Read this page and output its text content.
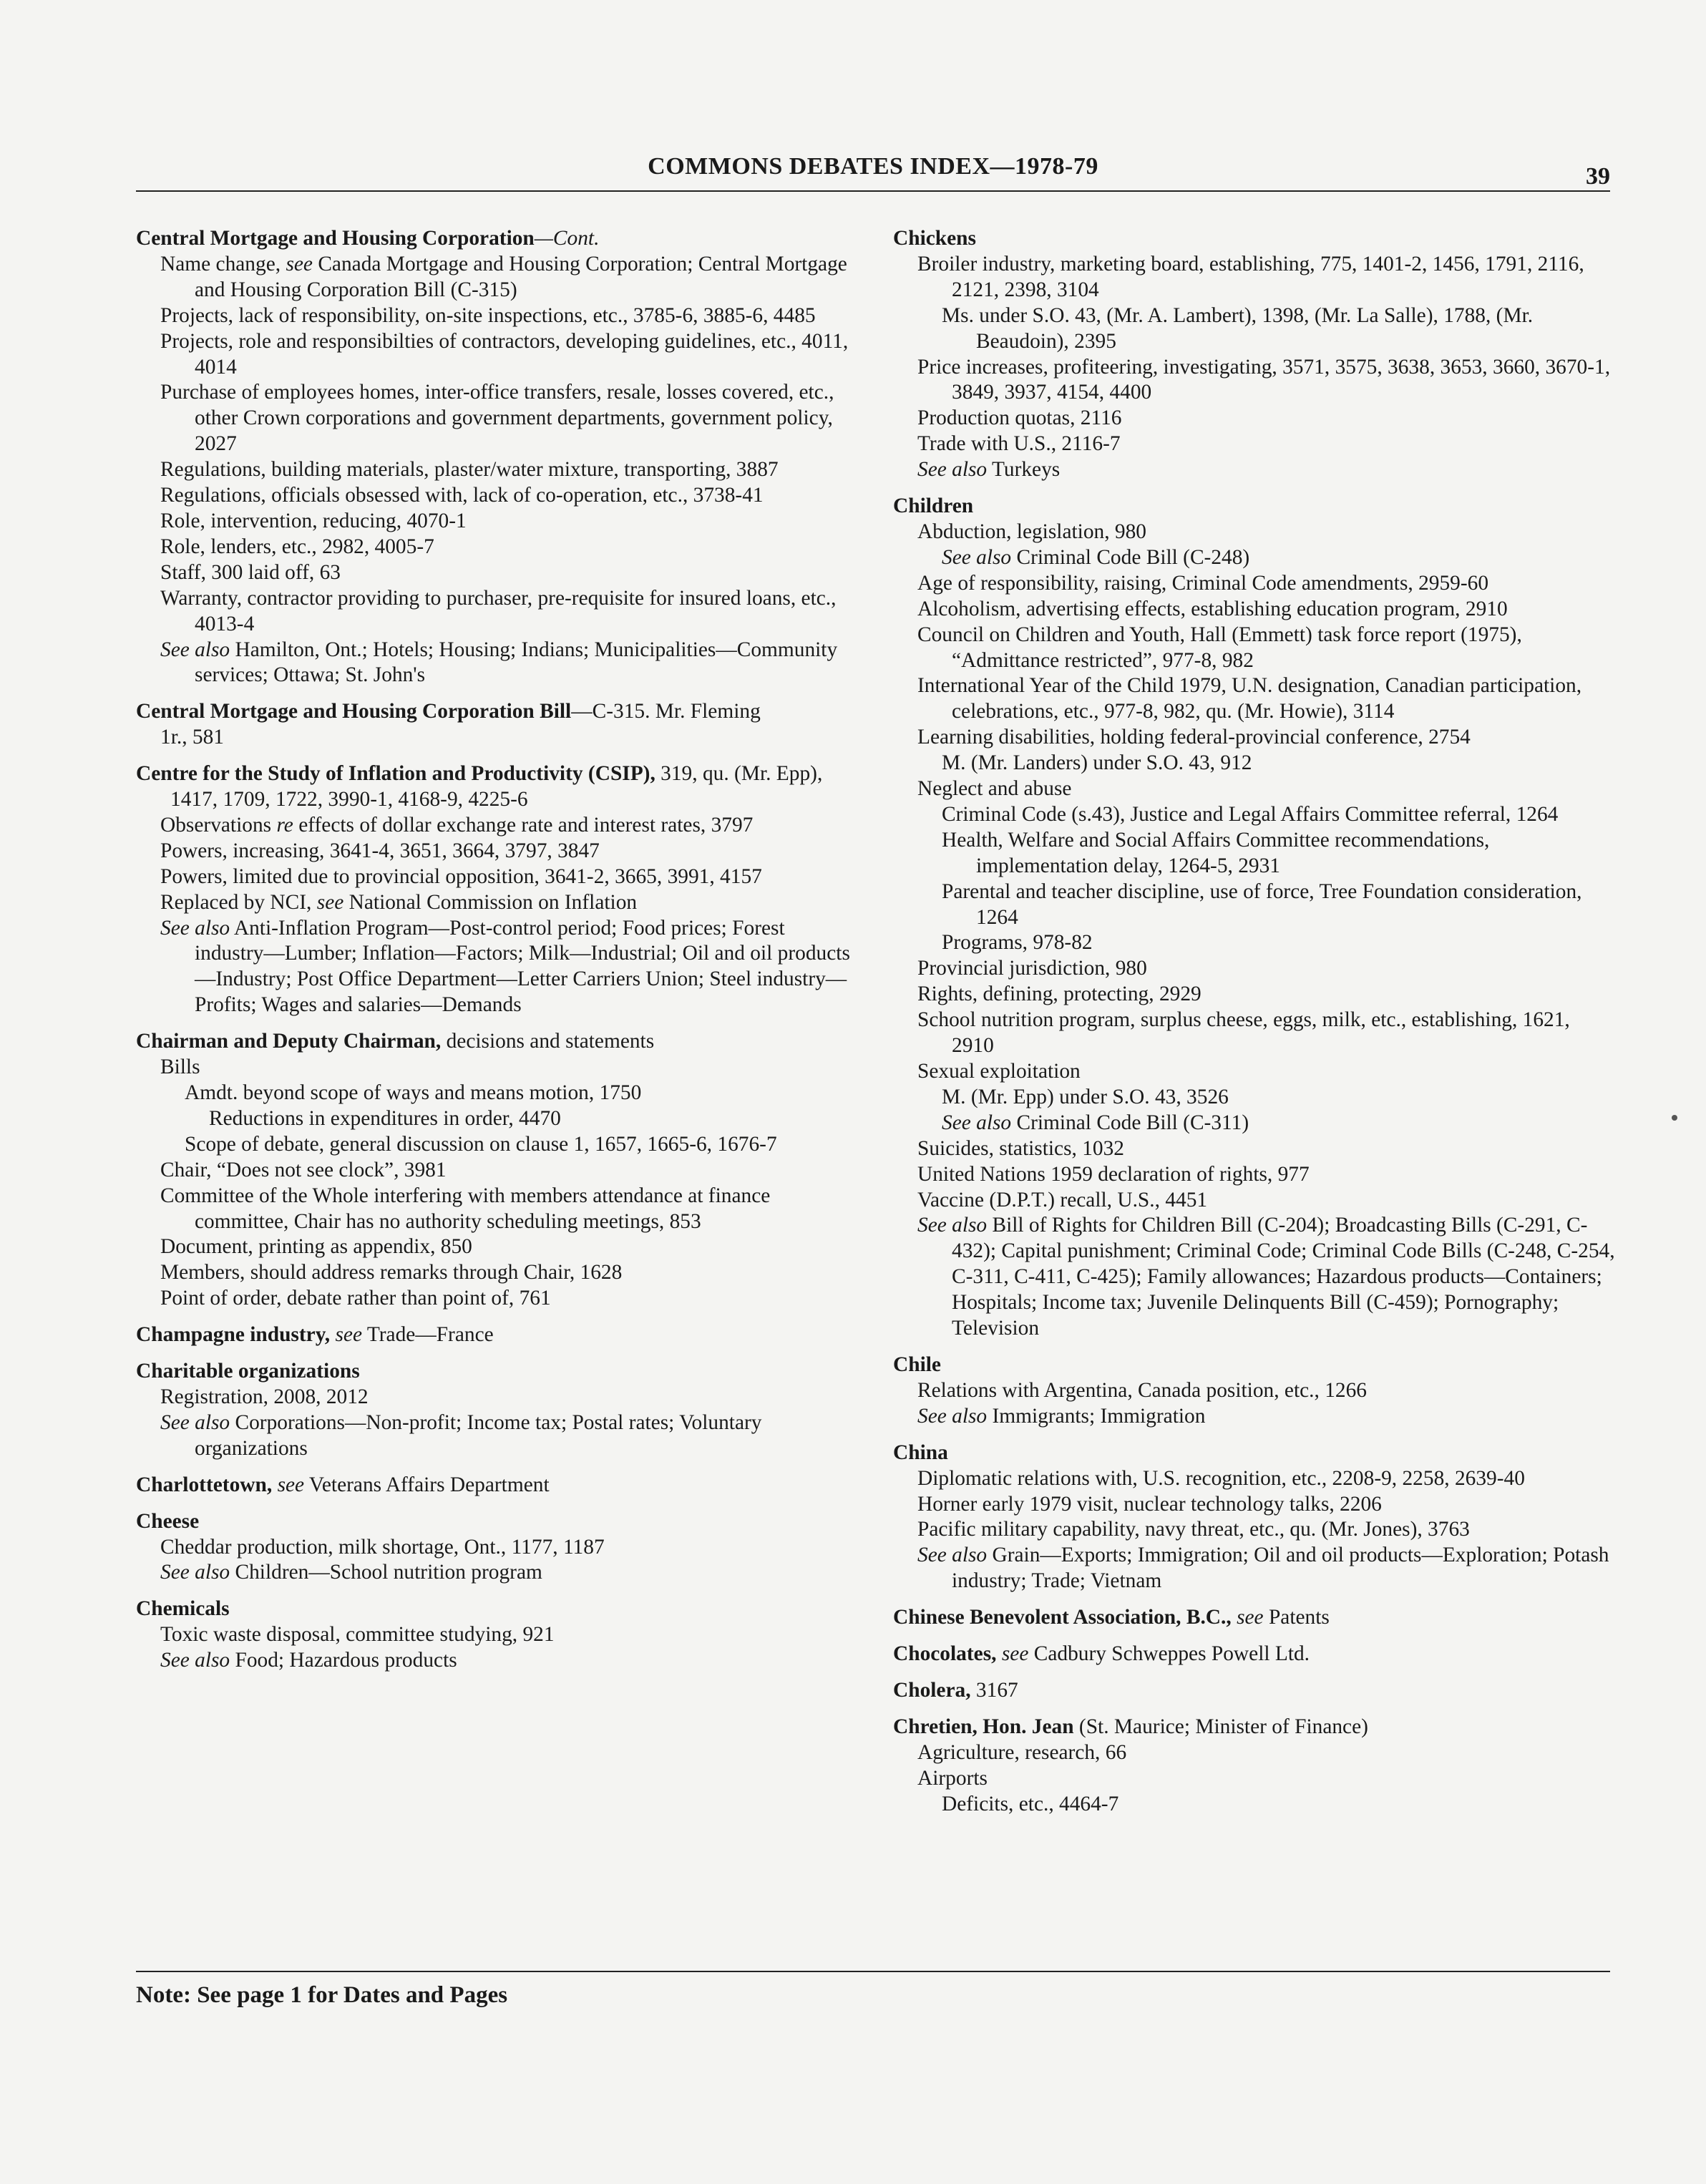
COMMONS DEBATES INDEX—1978-79	39
Central Mortgage and Housing Corporation—Cont.
Name change, see Canada Mortgage and Housing Corporation; Central Mortgage and Housing Corporation Bill (C-315)
Projects, lack of responsibility, on-site inspections, etc., 3785-6, 3885-6, 4485
Projects, role and responsibilties of contractors, developing guidelines, etc., 4011, 4014
Purchase of employees homes, inter-office transfers, resale, losses covered, etc., other Crown corporations and government departments, government policy, 2027
Regulations, building materials, plaster/water mixture, transporting, 3887
Regulations, officials obsessed with, lack of co-operation, etc., 3738-41
Role, intervention, reducing, 4070-1
Role, lenders, etc., 2982, 4005-7
Staff, 300 laid off, 63
Warranty, contractor providing to purchaser, pre-requisite for insured loans, etc., 4013-4
See also Hamilton, Ont.; Hotels; Housing; Indians; Municipalities—Community services; Ottawa; St. John's
Central Mortgage and Housing Corporation Bill—C-315. Mr. Fleming
1r., 581
Centre for the Study of Inflation and Productivity (CSIP), 319, qu. (Mr. Epp), 1417, 1709, 1722, 3990-1, 4168-9, 4225-6
Observations re effects of dollar exchange rate and interest rates, 3797
Powers, increasing, 3641-4, 3651, 3664, 3797, 3847
Powers, limited due to provincial opposition, 3641-2, 3665, 3991, 4157
Replaced by NCI, see National Commission on Inflation
See also Anti-Inflation Program—Post-control period; Food prices; Forest industry—Lumber; Inflation—Factors; Milk—Industrial; Oil and oil products—Industry; Post Office Department—Letter Carriers Union; Steel industry—Profits; Wages and salaries—Demands
Chairman and Deputy Chairman, decisions and statements
Bills
Amdt. beyond scope of ways and means motion, 1750
Reductions in expenditures in order, 4470
Scope of debate, general discussion on clause 1, 1657, 1665-6, 1676-7
Chair, “Does not see clock”, 3981
Committee of the Whole interfering with members attendance at finance committee, Chair has no authority scheduling meetings, 853
Document, printing as appendix, 850
Members, should address remarks through Chair, 1628
Point of order, debate rather than point of, 761
Champagne industry, see Trade—France
Charitable organizations
Registration, 2008, 2012
See also Corporations—Non-profit; Income tax; Postal rates; Voluntary organizations
Charlottetown, see Veterans Affairs Department
Cheese
Cheddar production, milk shortage, Ont., 1177, 1187
See also Children—School nutrition program
Chemicals
Toxic waste disposal, committee studying, 921
See also Food; Hazardous products
Chickens
Broiler industry, marketing board, establishing, 775, 1401-2, 1456, 1791, 2116, 2121, 2398, 3104
Ms. under S.O. 43, (Mr. A. Lambert), 1398, (Mr. La Salle), 1788, (Mr. Beaudoin), 2395
Price increases, profiteering, investigating, 3571, 3575, 3638, 3653, 3660, 3670-1, 3849, 3937, 4154, 4400
Production quotas, 2116
Trade with U.S., 2116-7
See also Turkeys
Children
Abduction, legislation, 980
See also Criminal Code Bill (C-248)
Age of responsibility, raising, Criminal Code amendments, 2959-60
Alcoholism, advertising effects, establishing education program, 2910
Council on Children and Youth, Hall (Emmett) task force report (1975), “Admittance restricted”, 977-8, 982
International Year of the Child 1979, U.N. designation, Canadian participation, celebrations, etc., 977-8, 982, qu. (Mr. Howie), 3114
Learning disabilities, holding federal-provincial conference, 2754
M. (Mr. Landers) under S.O. 43, 912
Neglect and abuse
Criminal Code (s.43), Justice and Legal Affairs Committee referral, 1264
Health, Welfare and Social Affairs Committee recommendations, implementation delay, 1264-5, 2931
Parental and teacher discipline, use of force, Tree Foundation consideration, 1264
Programs, 978-82
Provincial jurisdiction, 980
Rights, defining, protecting, 2929
School nutrition program, surplus cheese, eggs, milk, etc., establishing, 1621, 2910
Sexual exploitation
M. (Mr. Epp) under S.O. 43, 3526
See also Criminal Code Bill (C-311)
Suicides, statistics, 1032
United Nations 1959 declaration of rights, 977
Vaccine (D.P.T.) recall, U.S., 4451
See also Bill of Rights for Children Bill (C-204); Broadcasting Bills (C-291, C-432); Capital punishment; Criminal Code; Criminal Code Bills (C-248, C-254, C-311, C-411, C-425); Family allowances; Hazardous products—Containers; Hospitals; Income tax; Juvenile Delinquents Bill (C-459); Pornography; Television
Chile
Relations with Argentina, Canada position, etc., 1266
See also Immigrants; Immigration
China
Diplomatic relations with, U.S. recognition, etc., 2208-9, 2258, 2639-40
Horner early 1979 visit, nuclear technology talks, 2206
Pacific military capability, navy threat, etc., qu. (Mr. Jones), 3763
See also Grain—Exports; Immigration; Oil and oil products—Exploration; Potash industry; Trade; Vietnam
Chinese Benevolent Association, B.C., see Patents
Chocolates, see Cadbury Schweppes Powell Ltd.
Cholera, 3167
Chretien, Hon. Jean (St. Maurice; Minister of Finance)
Agriculture, research, 66
Airports
Deficits, etc., 4464-7
Note: See page 1 for Dates and Pages
